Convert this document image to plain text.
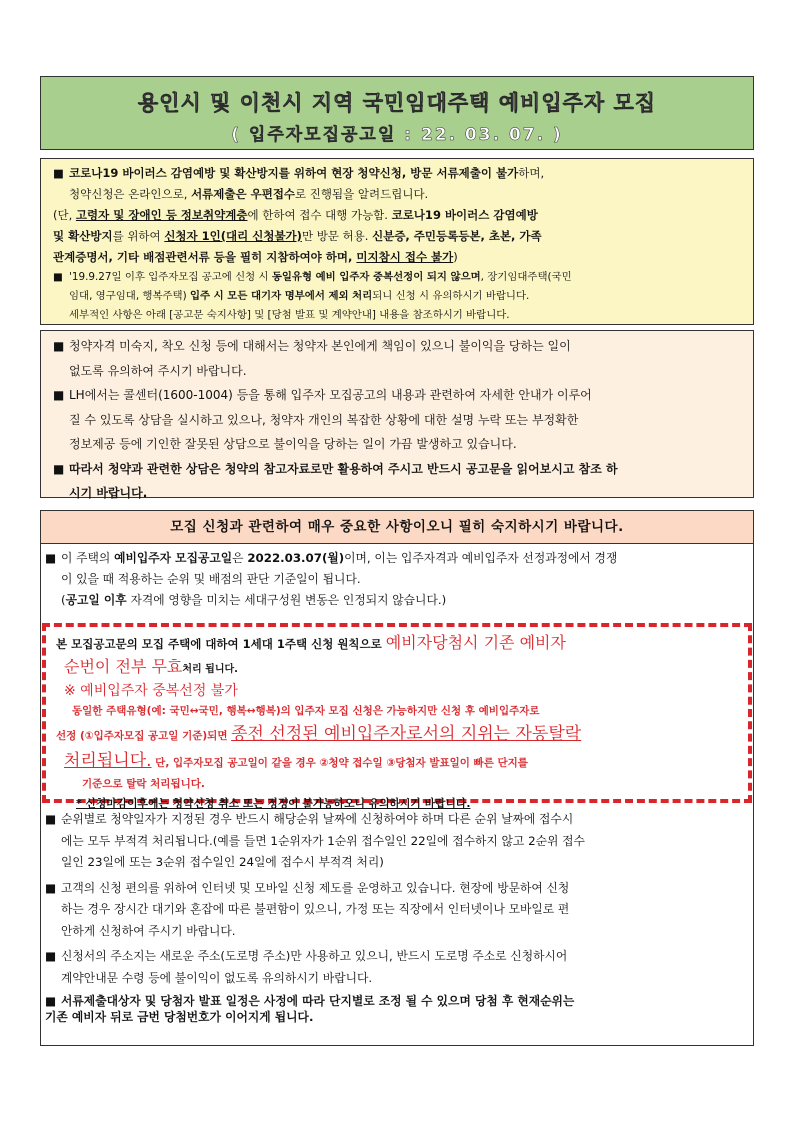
용인시 및 이천시 지역 국민임대주택 예비입주자 모집
( 입주자모집공고일 : 22. 03. 07. )

■ 코로나19 바이러스 감염예방 및 확산방지를 위하여 현장 청약신청, 방문 서류제출이 불가하며,

청약신청은 온라인으로, 서류제출은 우편접수로 진행됨을 알려드립니다.

(단, 고령자 및 장애인 등 정보취약계층에 한하여 접수 대행 가능함. 코로나19 바이러스 감염예방

및 확산방지를 위하여 신청자 1인(대리 신청불가)만 방문 허용. 신분증, 주민등록등본, 초본, 가족

관계증명서, 기타 배점관련서류 등을 필히 지참하여야 하며, 미지참시 접수 불가)

■ '19.9.27일 이후 입주자모집 공고에 신청 시 동일유형 예비 입주자 중복선정이 되지 않으며, 장기임대주택(국민

임대, 영구임대, 행복주택) 입주 시 모든 대기자 명부에서 제외 처리되니 신청 시 유의하시기 바랍니다.

세부적인 사항은 아래 [공고문 숙지사항] 및 [당첨 발표 및 계약안내] 내용을 참조하시기 바랍니다.

■ 청약자격 미숙지, 착오 신청 등에 대해서는 청약자 본인에게 책임이 있으니 불이익을 당하는 일이

없도록 유의하여 주시기 바랍니다.

■ LH에서는 콜센터(1600-1004) 등을 통해 입주자 모집공고의 내용과 관련하여 자세한 안내가 이루어

질 수 있도록 상담을 실시하고 있으나, 청약자 개인의 복잡한 상황에 대한 설명 누락 또는 부정확한

정보제공 등에 기인한 잘못된 상담으로 불이익을 당하는 일이 가끔 발생하고 있습니다.

■ 따라서 청약과 관련한 상담은 청약의 참고자료로만 활용하여 주시고 반드시 공고문을 읽어보시고 참조 하

시기 바랍니다.

모집 신청과 관련하여 매우 중요한 사항이오니 필히 숙지하시기 바랍니다.

■ 이 주택의 예비입주자 모집공고일은 2022.03.07(월)이며, 이는 입주자격과 예비입주자 선정과정에서 경쟁

이 있을 때 적용하는 순위 및 배점의 판단 기준일이 됩니다.

(공고일 이후 자격에 영향을 미치는 세대구성원 변동은 인정되지 않습니다.)

본 모집공고문의 모집 주택에 대하여 1세대 1주택 신청 원칙으로 예비자당첨시 기존 예비자

순번이 전부 무효처리 됩니다.

※ 예비입주자 중복선정 불가

동일한 주택유형(예: 국민↔국민, 행복↔행복)의 입주자 모집 신청은 가능하지만 신청 후 예비입주자로

선정 (①입주자모집 공고일 기준)되면 종전 선정된 예비입주자로서의 지위는 자동탈락

처리됩니다. 단, 입주자모집 공고일이 같을 경우 ②청약 접수일 ③당첨자 발표일이 빠른 단지를

기준으로 탈락 처리됩니다.

* 신청마감이후에는 청약신청 취소 또는 정정이 불가능하오니 유의하시기 바랍니다.

■ 순위별로 청약일자가 지정된 경우 반드시 해당순위 날짜에 신청하여야 하며 다른 순위 날짜에 접수시
에는 모두 부적격 처리됩니다.(예를 들면 1순위자가 1순위 접수일인 22일에 접수하지 않고 2순위 접수
일인 23일에 또는 3순위 접수일인 24일에 접수시 부적격 처리)

■ 고객의 신청 편의를 위하여 인터넷 및 모바일 신청 제도를 운영하고 있습니다. 현장에 방문하여 신청
하는 경우 장시간 대기와 혼잡에 따른 불편함이 있으니, 가정 또는 직장에서 인터넷이나 모바일로 편
안하게 신청하여 주시기 바랍니다.

■ 신청서의 주소지는 새로운 주소(도로명 주소)만 사용하고 있으니, 반드시 도로명 주소로 신청하시어
계약안내문 수령 등에 불이익이 없도록 유의하시기 바랍니다.

■ 서류제출대상자 및 당첨자 발표 일정은 사정에 따라 단지별로 조정 될 수 있으며 당첨 후 현재순위는
기존 예비자 뒤로 금번 당첨번호가 이어지게 됩니다.
